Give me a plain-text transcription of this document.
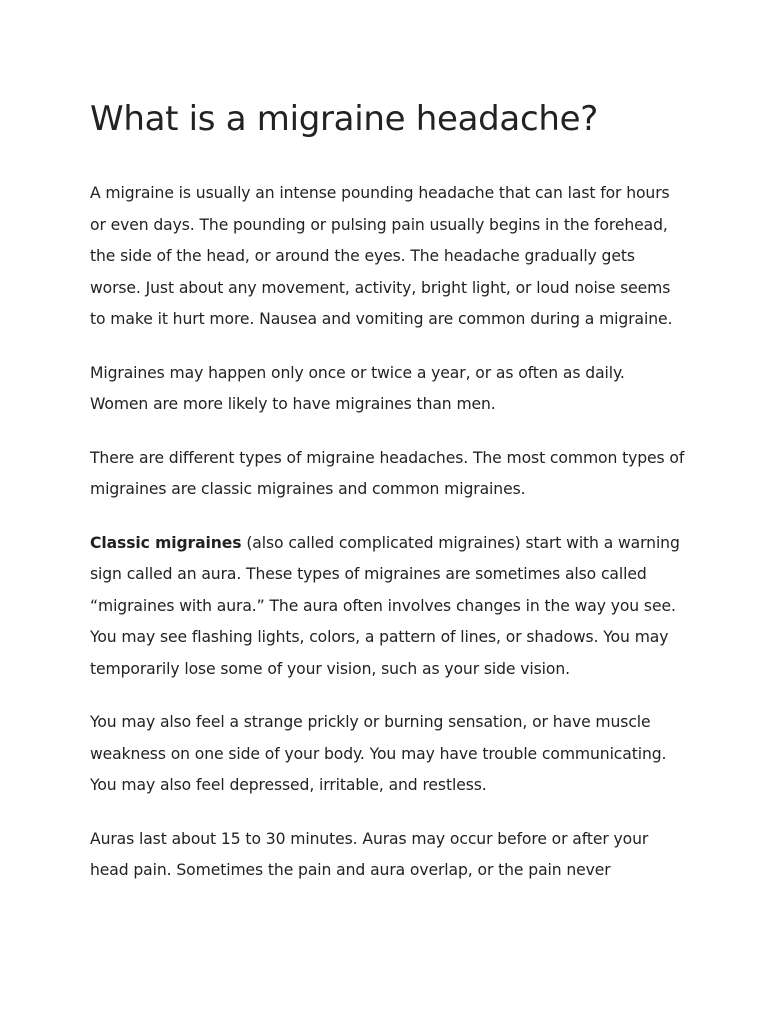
What is a migraine headache?

A migraine is usually an intense pounding headache that can last for hours or even days. The pounding or pulsing pain usually begins in the forehead, the side of the head, or around the eyes. The headache gradually gets worse. Just about any movement, activity, bright light, or loud noise seems to make it hurt more. Nausea and vomiting are common during a migraine.

Migraines may happen only once or twice a year, or as often as daily. Women are more likely to have migraines than men.

There are different types of migraine headaches. The most common types of migraines are classic migraines and common migraines.

Classic migraines (also called complicated migraines) start with a warning sign called an aura. These types of migraines are sometimes also called “migraines with aura.” The aura often involves changes in the way you see. You may see flashing lights, colors, a pattern of lines, or shadows. You may temporarily lose some of your vision, such as your side vision.

You may also feel a strange prickly or burning sensation, or have muscle weakness on one side of your body. You may have trouble communicating. You may also feel depressed, irritable, and restless.

Auras last about 15 to 30 minutes. Auras may occur before or after your head pain. Sometimes the pain and aura overlap, or the pain never
